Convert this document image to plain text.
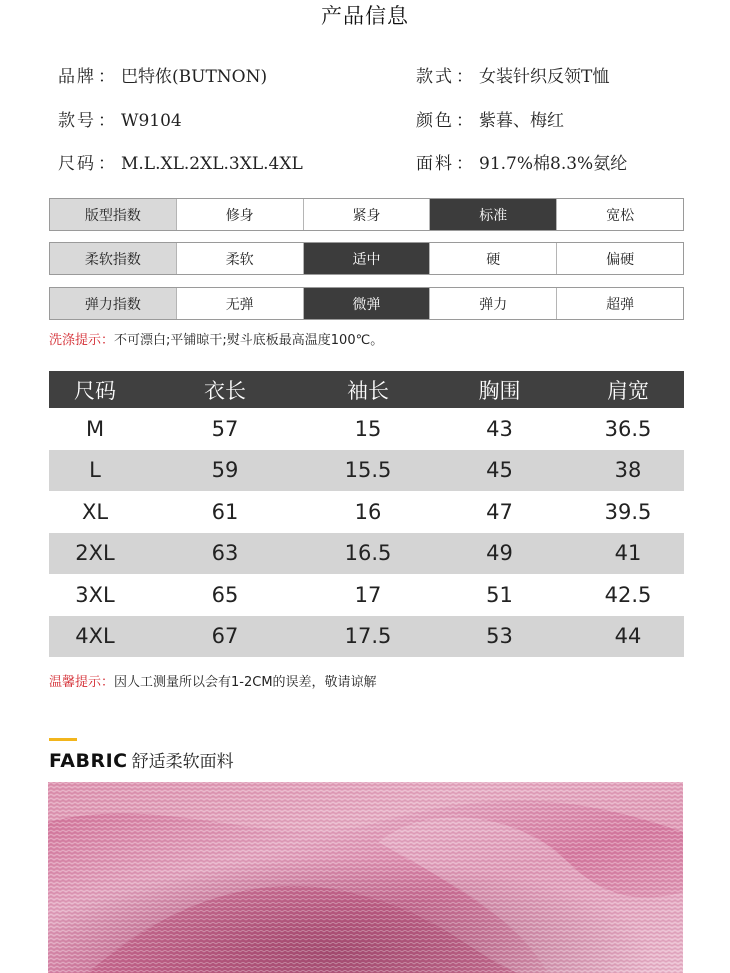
产品信息
品牌 ： 巴特侬(BUTNON)	款式 ： 女装针织反领T恤
款号 ： W9104	颜色 ： 紫暮、梅红
尺码 ： M.L.XL.2XL.3XL.4XL	面料 ： 91.7%棉8.3%氨纶
版型指数	修身	紧身	标准	宽松
柔软指数	柔软	适中	硬	偏硬
弹力指数	无弹	微弹	弹力	超弹
洗涤提示：不可漂白;平铺晾干;熨斗底板最高温度100℃。
尺码	衣长	袖长	胸围	肩宽
M	57	15	43	36.5
L	59	15.5	45	38
XL	61	16	47	39.5
2XL	63	16.5	49	41
3XL	65	17	51	42.5
4XL	67	17.5	53	44
温馨提示：因人工测量所以会有1-2CM的误差，敬请谅解
FABRIC 舒适柔软面料
